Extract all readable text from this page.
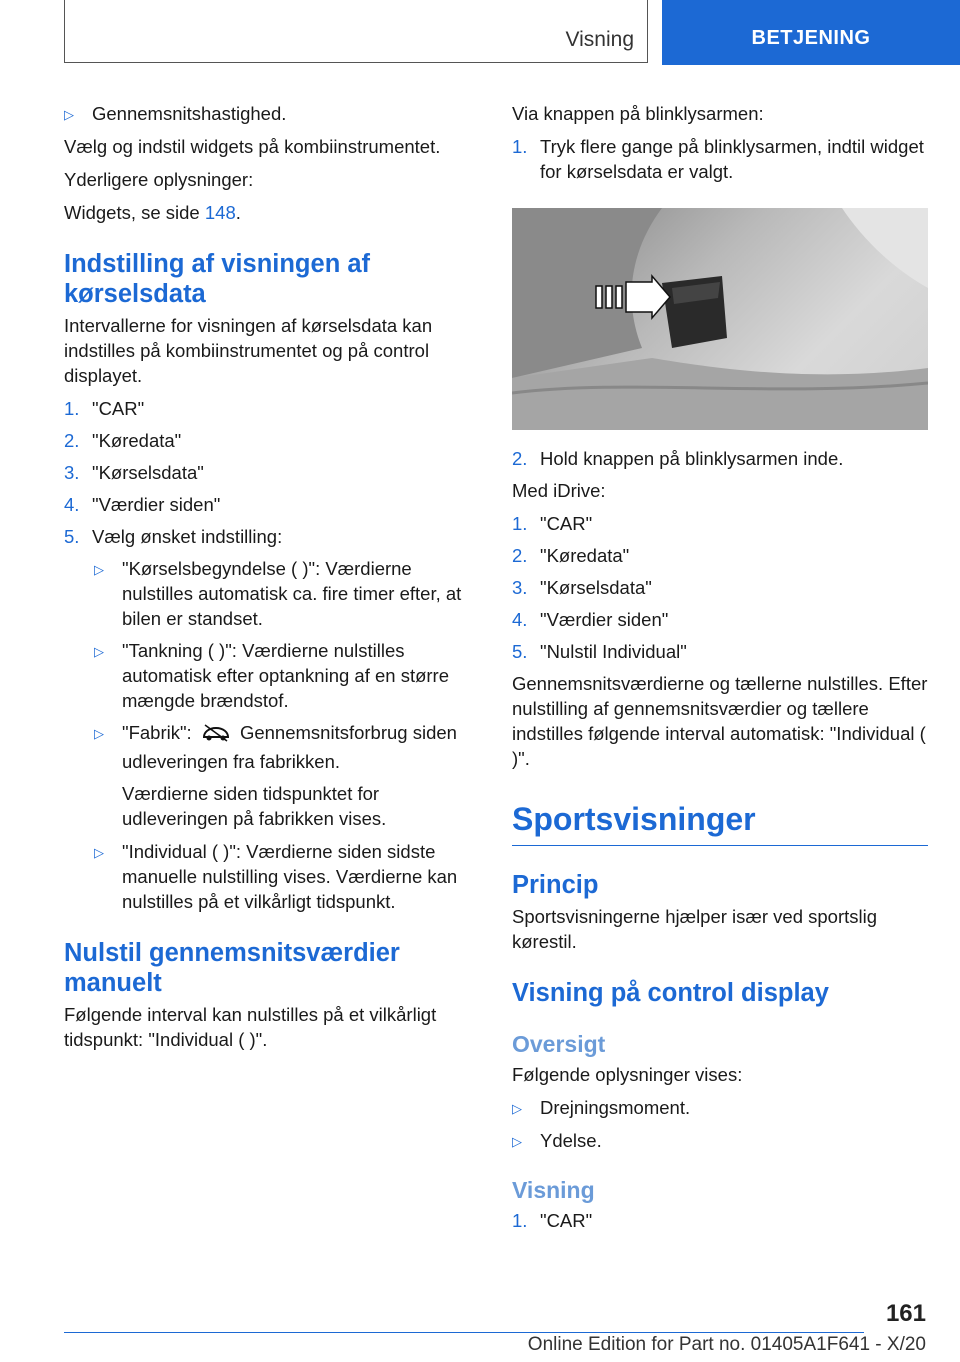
Visning	BETJENING
▷ Gennemsnitshastighed.

Vælg og indstil widgets på kombiinstrumentet.

Yderligere oplysninger:

Widgets, se side 148.

Indstilling af visningen af kørselsdata

Intervallerne for visningen af kørselsdata kan indstilles på kombiinstrumentet og på control displayet.

1. "CAR"
2. "Køredata"
3. "Kørselsdata"
4. "Værdier siden"
5. Vælg ønsket indstilling:
▷ "Kørselsbegyndelse ( )": Værdierne nulstilles automatisk ca. fire timer efter, at bilen er standset.
▷ "Tankning ( )": Værdierne nulstilles automatisk efter optankning af en større mængde brændstof.
▷ "Fabrik":  Gennemsnitsforbrug siden udleveringen fra fabrikken.

Værdierne siden tidspunktet for udleveringen på fabrikken vises.

▷ "Individual ( )": Værdierne siden sidste manuelle nulstilling vises. Værdierne kan nulstilles på et vilkårligt tidspunkt.
Nulstil gennemsnitsværdier manuelt

Følgende interval kan nulstilles på et vilkårligt tidspunkt: "Individual ( )".

Via knappen på blinklysarmen:

1. Tryk flere gange på blinklysarmen, indtil widget for kørselsdata er valgt.
2. Hold knappen på blinklysarmen inde.

Med iDrive:

1. "CAR"
2. "Køredata"
3. "Kørselsdata"
4. "Værdier siden"
5. "Nulstil Individual"

Gennemsnitsværdierne og tællerne nulstilles. Efter nulstilling af gennemsnitsværdier og tællere indstilles følgende interval automatisk: "Individual ( )".

Sportsvisninger
Princip

Sportsvisningerne hjælper især ved sportslig kørestil.

Visning på control display
Oversigt

Følgende oplysninger vises:

▷ Drejningsmoment.
▷ Ydelse.
Visning
1. "CAR"
161
Online Edition for Part no. 01405A1F641 - X/20
